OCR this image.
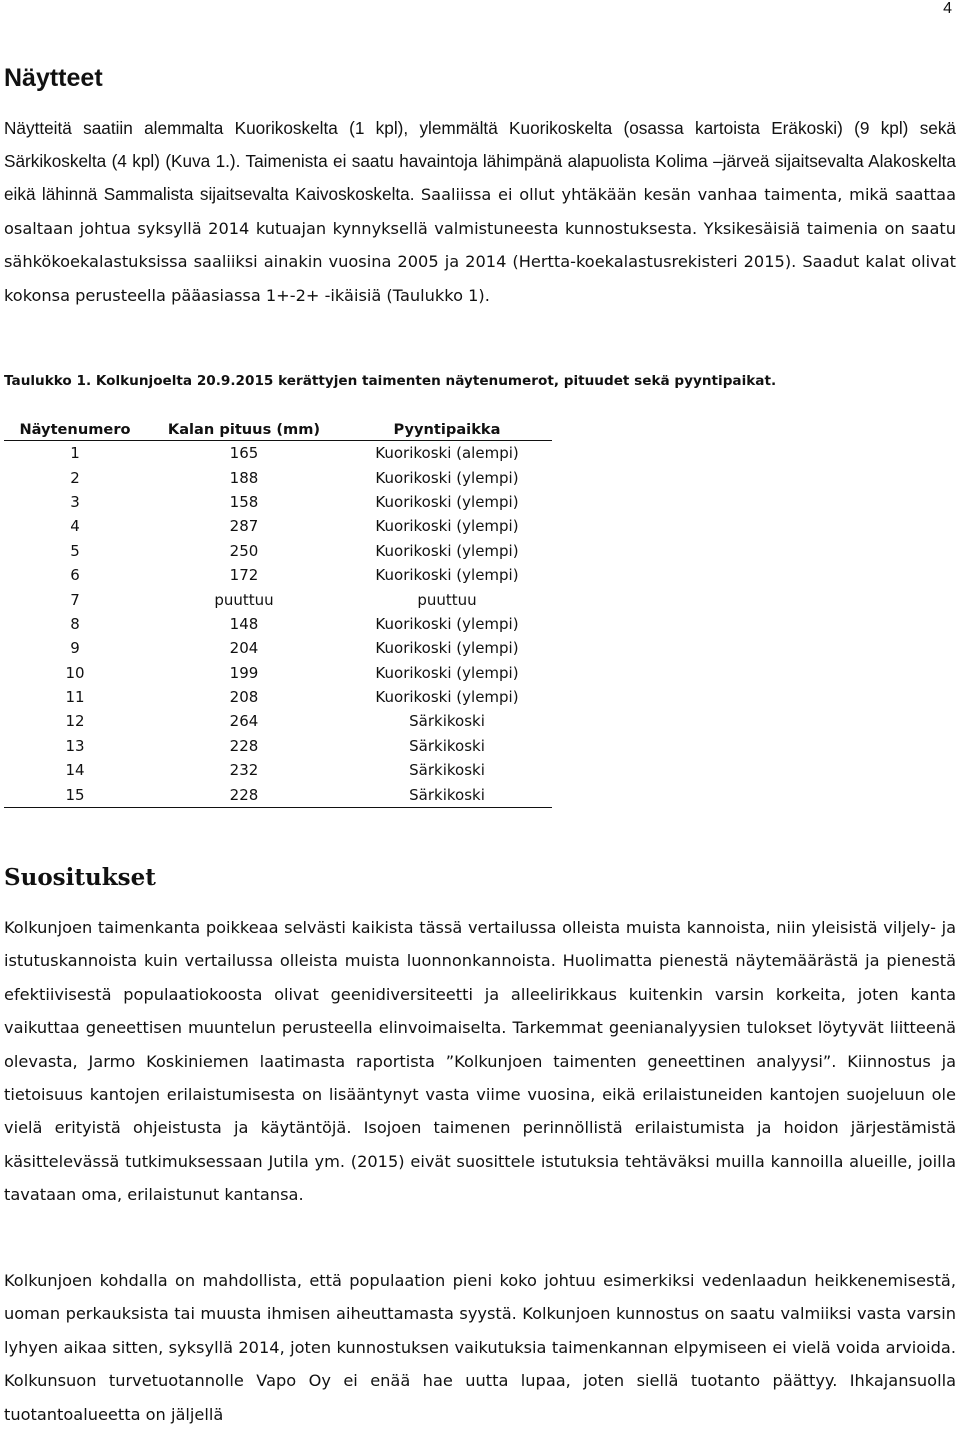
4
Näytteet

Näytteitä saatiin alemmalta Kuorikoskelta (1 kpl), ylemmältä Kuorikoskelta (osassa kartoista Eräkoski) (9 kpl) sekä Särkikoskelta (4 kpl) (Kuva 1.). Taimenista ei saatu havaintoja lähimpänä alapuolista Kolima –järveä sijaitsevalta Alakoskelta eikä lähinnä Sammalista sijaitsevalta Kaivoskoskelta. Saaliissa ei ollut yhtäkään kesän vanhaa taimenta, mikä saattaa osaltaan johtua syksyllä 2014 kutuajan kynnyksellä valmistuneesta kunnostuksesta. Yksikesäisiä taimenia on saatu sähkökoekalastuksissa saaliiksi ainakin vuosina 2005 ja 2014 (Hertta-koekalastusrekisteri 2015). Saadut kalat olivat kokonsa perusteella pääasiassa 1+-2+ -ikäisiä (Taulukko 1).

Taulukko 1. Kolkunjoelta 20.9.2015 kerättyjen taimenten näytenumerot, pituudet sekä pyyntipaikat.

Näytenumero	Kalan pituus (mm)	Pyyntipaikka
1	165	Kuorikoski (alempi)
2	188	Kuorikoski (ylempi)
3	158	Kuorikoski (ylempi)
4	287	Kuorikoski (ylempi)
5	250	Kuorikoski (ylempi)
6	172	Kuorikoski (ylempi)
7	puuttuu	puuttuu
8	148	Kuorikoski (ylempi)
9	204	Kuorikoski (ylempi)
10	199	Kuorikoski (ylempi)
11	208	Kuorikoski (ylempi)
12	264	Särkikoski
13	228	Särkikoski
14	232	Särkikoski
15	228	Särkikoski
Suositukset

Kolkunjoen taimenkanta poikkeaa selvästi kaikista tässä vertailussa olleista muista kannoista, niin yleisistä viljely- ja istutuskannoista kuin vertailussa olleista muista luonnonkannoista. Huolimatta pienestä näytemäärästä ja pienestä efektiivisestä populaatiokoosta olivat geenidiversiteetti ja alleelirikkaus kuitenkin varsin korkeita, joten kanta vaikuttaa geneettisen muuntelun perusteella elinvoimaiselta. Tarkemmat geenianalyysien tulokset löytyvät liitteenä olevasta, Jarmo Koskiniemen laatimasta raportista ”Kolkunjoen taimenten geneettinen analyysi”. Kiinnostus ja tietoisuus kantojen erilaistumisesta on lisääntynyt vasta viime vuosina, eikä erilaistuneiden kantojen suojeluun ole vielä erityistä ohjeistusta ja käytäntöjä. Isojoen taimenen perinnöllistä erilaistumista ja hoidon järjestämistä käsittelevässä tutkimuksessaan Jutila ym. (2015) eivät suosittele istutuksia tehtäväksi muilla kannoilla alueille, joilla tavataan oma, erilaistunut kantansa.

Kolkunjoen kohdalla on mahdollista, että populaation pieni koko johtuu esimerkiksi vedenlaadun heikkenemisestä, uoman perkauksista tai muusta ihmisen aiheuttamasta syystä. Kolkunjoen kunnostus on saatu valmiiksi vasta varsin lyhyen aikaa sitten, syksyllä 2014, joten kunnostuksen vaikutuksia taimenkannan elpymiseen ei vielä voida arvioida. Kolkunsuon turvetuotannolle Vapo Oy ei enää hae uutta lupaa, joten siellä tuotanto päättyy. Ihkajansuolla tuotantoalueetta on jäljellä
